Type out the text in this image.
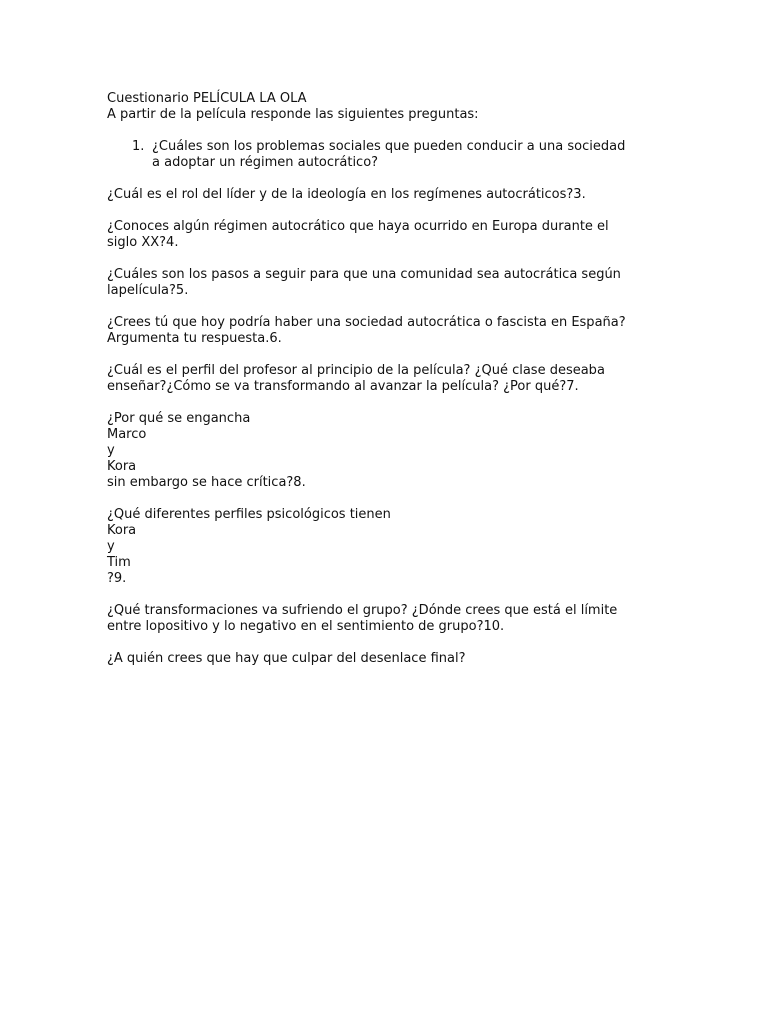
Cuestionario PELÍCULA LA OLA
A partir de la película responde las siguientes preguntas:
1. ¿Cuáles son los problemas sociales que pueden conducir a una sociedad
a adoptar un régimen autocrático?
¿Cuál es el rol del líder y de la ideología en los regímenes autocráticos?3.
¿Conoces algún régimen autocrático que haya ocurrido en Europa durante el
siglo XX?4.
¿Cuáles son los pasos a seguir para que una comunidad sea autocrática según
lapelícula?5.
¿Crees tú que hoy podría haber una sociedad autocrática o fascista en España?
Argumenta tu respuesta.6.
¿Cuál es el perfil del profesor al principio de la película? ¿Qué clase deseaba
enseñar?¿Cómo se va transformando al avanzar la película? ¿Por qué?7.
¿Por qué se engancha
Marco
y
Kora
sin embargo se hace crítica?8.
¿Qué diferentes perfiles psicológicos tienen
Kora
y
Tim
?9.
¿Qué transformaciones va sufriendo el grupo? ¿Dónde crees que está el límite
entre lopositivo y lo negativo en el sentimiento de grupo?10.
¿A quién crees que hay que culpar del desenlace final?
